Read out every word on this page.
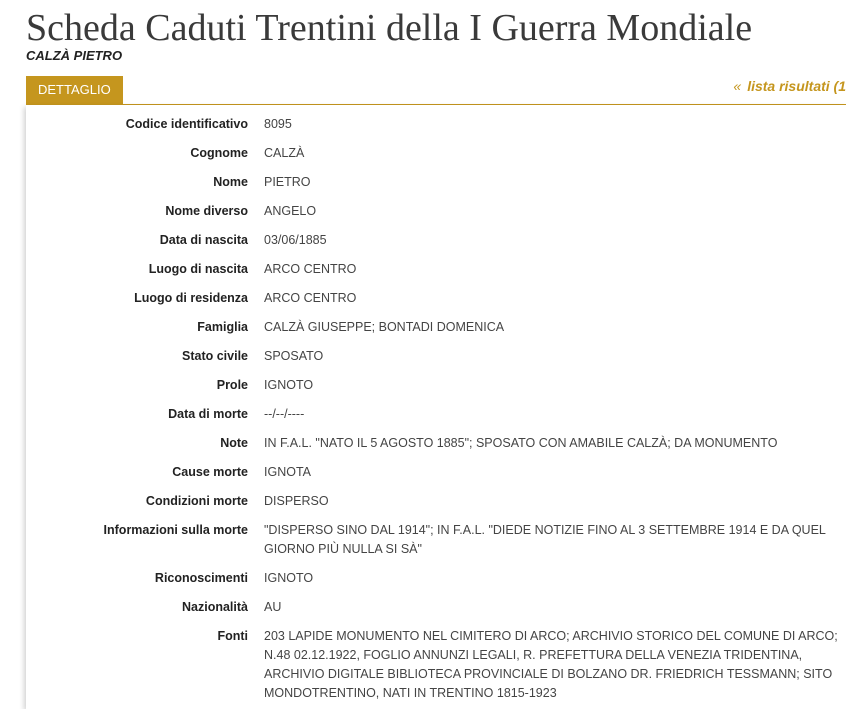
Scheda Caduti Trentini della I Guerra Mondiale
CALZÀ PIETRO
DETTAGLIO	« lista risultati (1
Codice identificativo	8095
Cognome	CALZÀ
Nome	PIETRO
Nome diverso	ANGELO
Data di nascita	03/06/1885
Luogo di nascita	ARCO CENTRO
Luogo di residenza	ARCO CENTRO
Famiglia	CALZÀ GIUSEPPE; BONTADI DOMENICA
Stato civile	SPOSATO
Prole	IGNOTO
Data di morte	--/--/----
Note	IN F.A.L. "NATO IL 5 AGOSTO 1885"; SPOSATO CON AMABILE CALZÀ; DA MONUMENTO
Cause morte	IGNOTA
Condizioni morte	DISPERSO
Informazioni sulla morte	"DISPERSO SINO DAL 1914"; IN F.A.L. "DIEDE NOTIZIE FINO AL 3 SETTEMBRE 1914 E DA QUEL GIORNO PIÙ NULLA SI SÀ"
Riconoscimenti	IGNOTO
Nazionalità	AU
Fonti	203 LAPIDE MONUMENTO NEL CIMITERO DI ARCO; ARCHIVIO STORICO DEL COMUNE DI ARCO; N.48 02.12.1922, FOGLIO ANNUNZI LEGALI, R. PREFETTURA DELLA VENEZIA TRIDENTINA, ARCHIVIO DIGITALE BIBLIOTECA PROVINCIALE DI BOLZANO DR. FRIEDRICH TESSMANN; SITO MONDOTRENTINO, NATI IN TRENTINO 1815-1923
